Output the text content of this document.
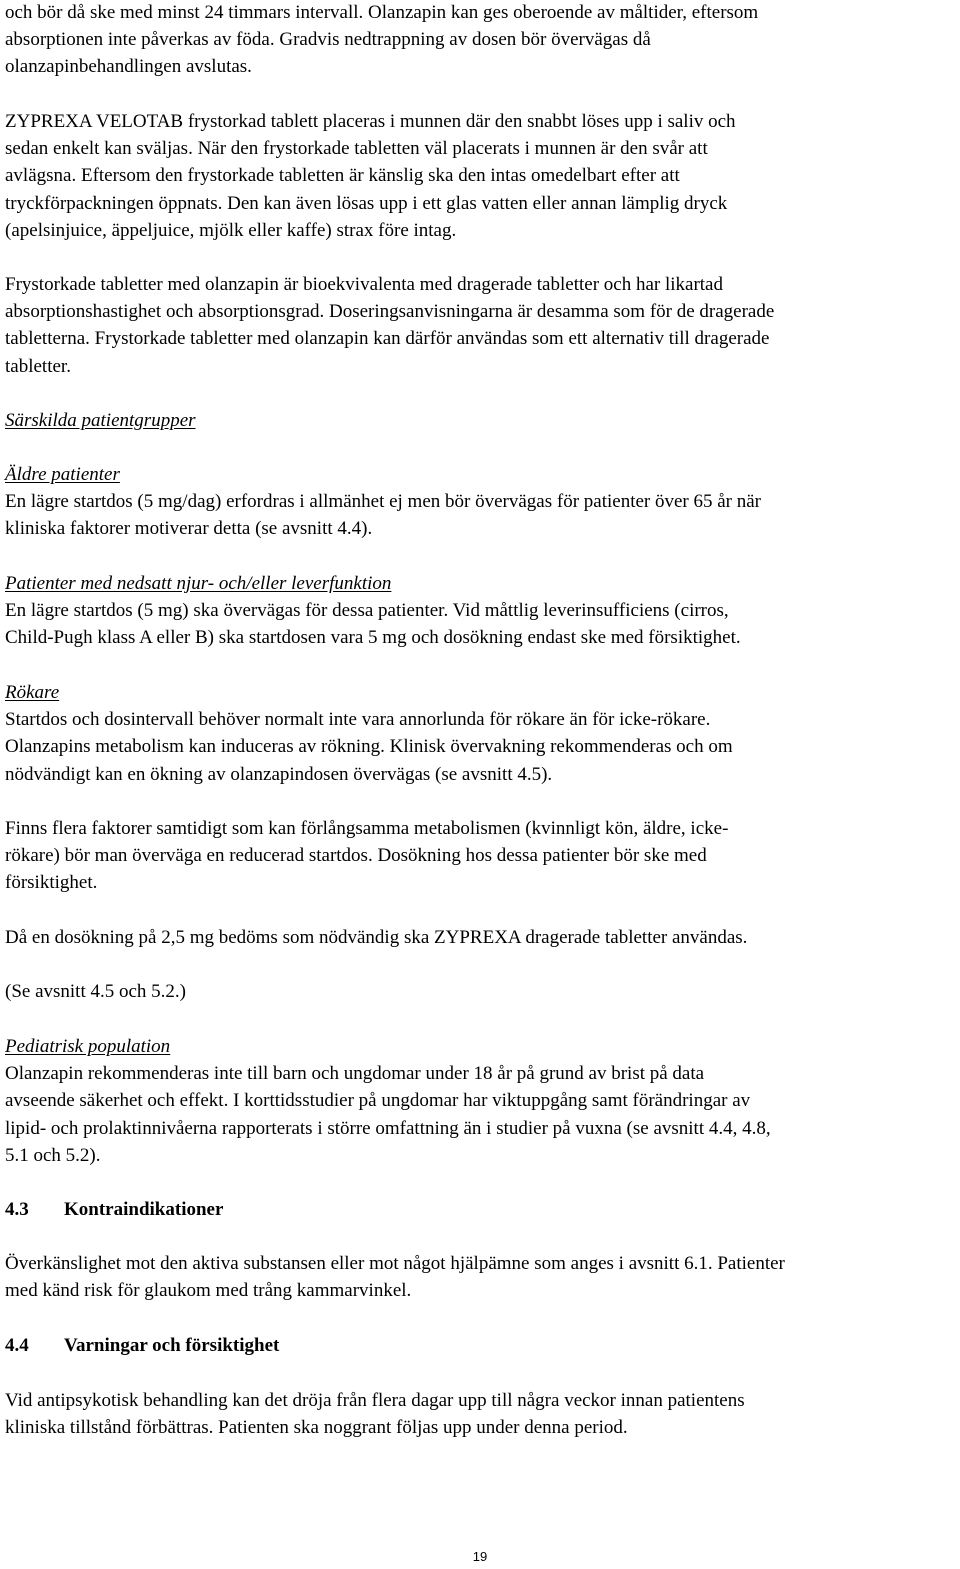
och bör då ske med minst 24 timmars intervall. Olanzapin kan ges oberoende av måltider, eftersom
absorptionen inte påverkas av föda. Gradvis nedtrappning av dosen bör övervägas då
olanzapinbehandlingen avslutas.

ZYPREXA VELOTAB frystorkad tablett placeras i munnen där den snabbt löses upp i saliv och
sedan enkelt kan sväljas. När den frystorkade tabletten väl placerats i munnen är den svår att
avlägsna. Eftersom den frystorkade tabletten är känslig ska den intas omedelbart efter att
tryckförpackningen öppnats. Den kan även lösas upp i ett glas vatten eller annan lämplig dryck
(apelsinjuice, äppeljuice, mjölk eller kaffe) strax före intag.

Frystorkade tabletter med olanzapin är bioekvivalenta med dragerade tabletter och har likartad
absorptionshastighet och absorptionsgrad. Doseringsanvisningarna är desamma som för de dragerade
tabletterna. Frystorkade tabletter med olanzapin kan därför användas som ett alternativ till dragerade
tabletter.

Särskilda patientgrupper

Äldre patienter
En lägre startdos (5 mg/dag) erfordras i allmänhet ej men bör övervägas för patienter över 65 år när
kliniska faktorer motiverar detta (se avsnitt 4.4).

Patienter med nedsatt njur- och/eller leverfunktion
En lägre startdos (5 mg) ska övervägas för dessa patienter. Vid måttlig leverinsufficiens (cirros,
Child-Pugh klass A eller B) ska startdosen vara 5 mg och dosökning endast ske med försiktighet.

Rökare
Startdos och dosintervall behöver normalt inte vara annorlunda för rökare än för icke-rökare.
Olanzapins metabolism kan induceras av rökning. Klinisk övervakning rekommenderas och om
nödvändigt kan en ökning av olanzapindosen övervägas (se avsnitt 4.5).

Finns flera faktorer samtidigt som kan förlångsamma metabolismen (kvinnligt kön, äldre, icke-
rökare) bör man överväga en reducerad startdos. Dosökning hos dessa patienter bör ske med
försiktighet.

Då en dosökning på 2,5 mg bedöms som nödvändig ska ZYPREXA dragerade tabletter användas.

(Se avsnitt 4.5 och 5.2.)

Pediatrisk population
Olanzapin rekommenderas inte till barn och ungdomar under 18 år på grund av brist på data
avseende säkerhet och effekt. I korttidsstudier på ungdomar har viktuppgång samt förändringar av
lipid- och prolaktinnivåerna rapporterats i större omfattning än i studier på vuxna (se avsnitt 4.4, 4.8,
5.1 och 5.2).

4.3 Kontraindikationer

Överkänslighet mot den aktiva substansen eller mot något hjälpämne som anges i avsnitt 6.1. Patienter
med känd risk för glaukom med trång kammarvinkel.

4.4 Varningar och försiktighet

Vid antipsykotisk behandling kan det dröja från flera dagar upp till några veckor innan patientens
kliniska tillstånd förbättras. Patienten ska noggrant följas upp under denna period.

19
